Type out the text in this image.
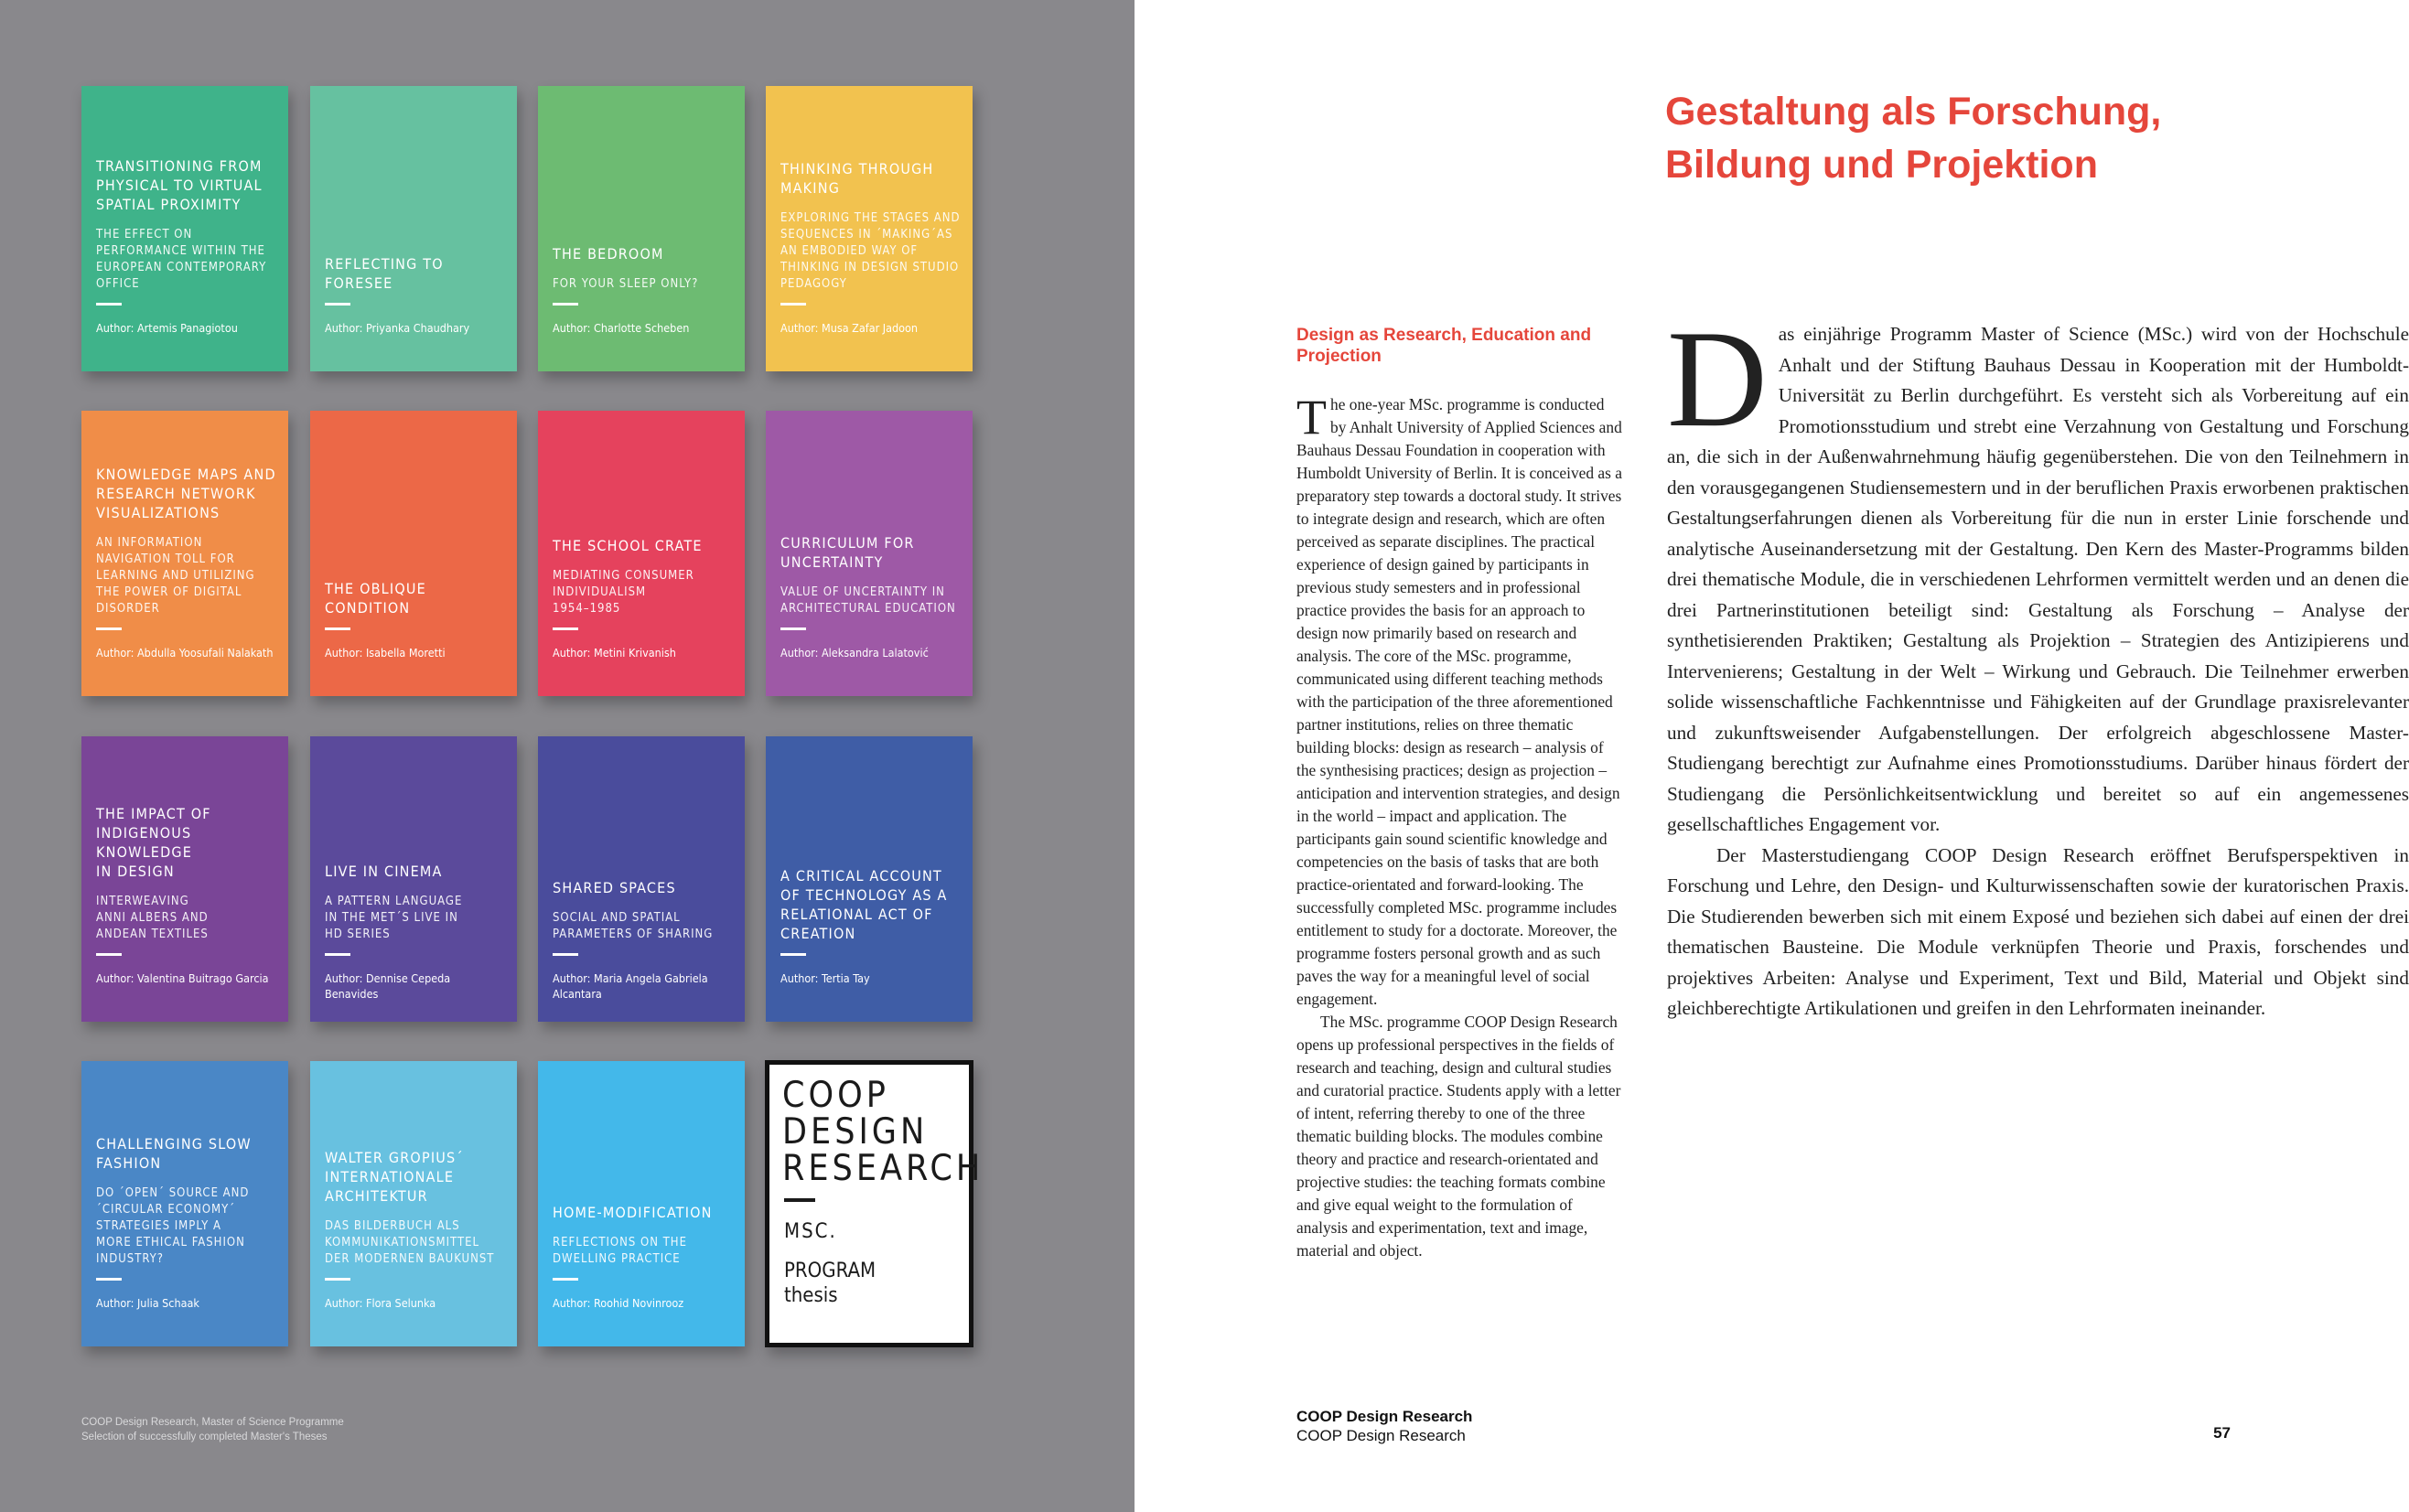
TRANSITIONING FROM
PHYSICAL TO VIRTUAL
SPATIAL PROXIMITY
THE EFFECT ON
PERFORMANCE WITHIN THE
EUROPEAN CONTEMPORARY
OFFICE
Author: Artemis Panagiotou
REFLECTING TO FORESEE
Author: Priyanka Chaudhary
THE BEDROOM
FOR YOUR SLEEP ONLY?
Author: Charlotte Scheben
THINKING THROUGH
MAKING
EXPLORING THE STAGES AND
SEQUENCES IN ´MAKING´AS
AN EMBODIED WAY OF
THINKING IN DESIGN STUDIO
PEDAGOGY
Author: Musa Zafar Jadoon
KNOWLEDGE MAPS AND
RESEARCH NETWORK
VISUALIZATIONS
AN INFORMATION
NAVIGATION TOLL FOR
LEARNING AND UTILIZING
THE POWER OF DIGITAL
DISORDER
Author: Abdulla Yoosufali Nalakath
THE OBLIQUE CONDITION
Author: Isabella Moretti
THE SCHOOL CRATE
MEDIATING CONSUMER
INDIVIDUALISM
1954–1985
Author: Metini Krivanish
CURRICULUM FOR
UNCERTAINTY
VALUE OF UNCERTAINTY IN
ARCHITECTURAL EDUCATION
Author: Aleksandra Lalatović
THE IMPACT OF
INDIGENOUS KNOWLEDGE
IN DESIGN
INTERWEAVING
ANNI ALBERS AND
ANDEAN TEXTILES
Author: Valentina Buitrago Garcia
LIVE IN CINEMA
A PATTERN LANGUAGE
IN THE MET´S LIVE IN
HD SERIES
Author: Dennise Cepeda Benavides
SHARED SPACES
SOCIAL AND SPATIAL
PARAMETERS OF SHARING
Author: Maria Angela Gabriela Alcantara
A CRITICAL ACCOUNT
OF TECHNOLOGY AS A
RELATIONAL ACT OF
CREATION
Author: Tertia Tay
CHALLENGING SLOW
FASHION
DO ´OPEN´ SOURCE AND
´CIRCULAR ECONOMY´
STRATEGIES IMPLY A
MORE ETHICAL FASHION
INDUSTRY?
Author: Julia Schaak
WALTER GROPIUS´
INTERNATIONALE
ARCHITEKTUR
DAS BILDERBUCH ALS
KOMMUNIKATIONSMITTEL
DER MODERNEN BAUKUNST
Author: Flora Selunka
HOME-MODIFICATION
REFLECTIONS ON THE
DWELLING PRACTICE
Author: Roohid Novinrooz
COOP
DESIGN
RESEARCH
MSC.
PROGRAM
thesis
COOP Design Research, Master of Science Programme
Selection of successfully completed Master's Theses
Gestaltung als Forschung,
Bildung und Projektion
Design as Research, Education and Projection

The one-year MSc. programme is conducted by Anhalt University of Applied Sciences and Bauhaus Dessau Foundation in cooperation with Humboldt University of Berlin. It is conceived as a preparatory step towards a doctoral study. It strives to integrate design and research, which are often perceived as separate disciplines. The practical experience of design gained by participants in previous study semesters and in professional practice provides the basis for an approach to design now primarily based on research and analysis. The core of the MSc. programme, communicated using different teaching methods with the participation of the three aforementioned partner institutions, relies on three thematic building blocks: design as research – analysis of the synthesising practices; design as projection – anticipation and intervention strategies, and design in the world – impact and application. The participants gain sound scientific knowledge and competencies on the basis of tasks that are both practice-orientated and forward-looking. The successfully completed MSc. programme includes entitlement to study for a doctorate. Moreover, the programme fosters personal growth and as such paves the way for a meaningful level of social engagement.

The MSc. programme COOP Design Research opens up professional perspectives in the fields of research and teaching, design and cultural studies and curatorial practice. Students apply with a letter of intent, referring thereby to one of the three thematic building blocks. The modules combine theory and practice and research-orientated and projective studies: the teaching formats combine and give equal weight to the formulation of analysis and experimentation, text and image, material and object.

Das einjährige Programm Master of Science (MSc.) wird von der Hochschule Anhalt und der Stiftung Bauhaus Dessau in Kooperation mit der Humboldt-Universität zu Berlin durchgeführt. Es versteht sich als Vorbereitung auf ein Promotionsstudium und strebt eine Verzahnung von Gestaltung und Forschung an, die sich in der Außenwahrnehmung häufig gegenüberstehen. Die von den Teilnehmern in den vorausgegangenen Studiensemestern und in der beruflichen Praxis erworbenen praktischen Gestaltungserfahrungen dienen als Vorbereitung für die nun in erster Linie forschende und analytische Auseinandersetzung mit der Gestaltung. Den Kern des Master-Programms bilden drei thematische Module, die in verschiedenen Lehrformen vermittelt werden und an denen die drei Partnerinstitutionen beteiligt sind: Gestaltung als Forschung – Analyse der synthetisierenden Praktiken; Gestaltung als Projektion – Strategien des Antizipierens und Intervenierens; Gestaltung in der Welt – Wirkung und Gebrauch. Die Teilnehmer erwerben solide wissenschaftliche Fachkenntnisse und Fähigkeiten auf der Grundlage praxisrelevanter und zukunftsweisender Aufgabenstellungen. Der erfolgreich abgeschlossene Master-Studiengang berechtigt zur Aufnahme eines Promotionsstudiums. Darüber hinaus fördert der Studiengang die Persönlichkeitsentwicklung und bereitet so auf ein angemessenes gesellschaftliches Engagement vor.

Der Masterstudiengang COOP Design Research eröffnet Berufsperspektiven in Forschung und Lehre, den Design- und Kulturwissenschaften sowie der kuratorischen Praxis. Die Studierenden bewerben sich mit einem Exposé und beziehen sich dabei auf einen der drei thematischen Bausteine. Die Module verknüpfen Theorie und Praxis, forschendes und projektives Arbeiten: Analyse und Experiment, Text und Bild, Material und Objekt sind gleichberechtigte Artikulationen und greifen in den Lehrformaten ineinander.

COOP Design Research
COOP Design Research	57
